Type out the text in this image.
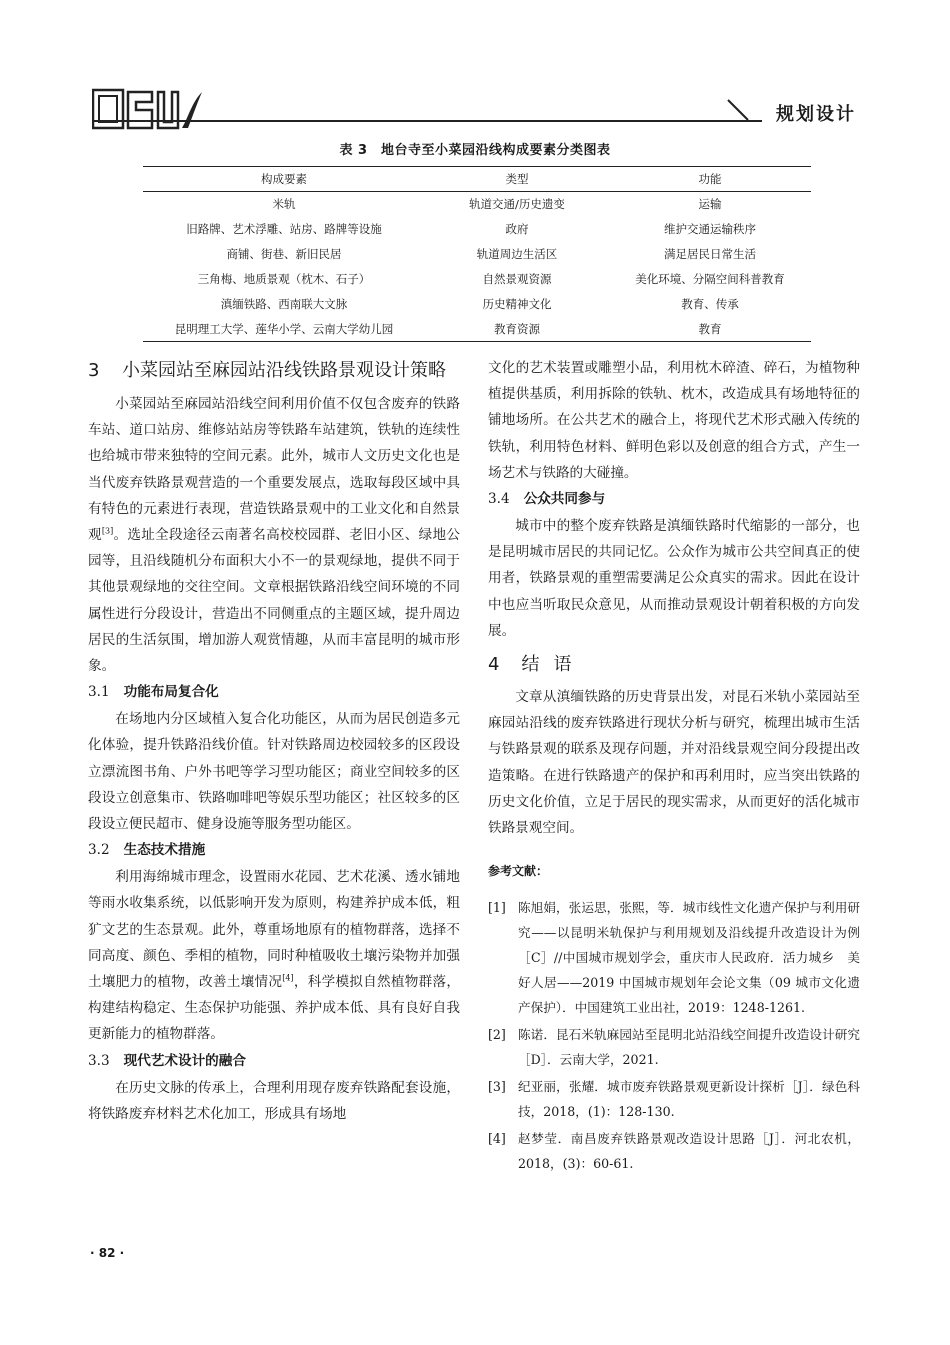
规划设计
表 3　地台寺至小菜园沿线构成要素分类图表
构成要素	类型	功能
米轨	轨道交通/历史遗变	运输
旧路牌、艺术浮雕、站房、路牌等设施	政府	维护交通运输秩序
商铺、街巷、新旧民居	轨道周边生活区	满足居民日常生活
三角梅、地质景观（枕木、石子）	自然景观资源	美化环境、分隔空间科普教育
滇缅铁路、西南联大文脉	历史精神文化	教育、传承
昆明理工大学、莲华小学、云南大学幼儿园	教育资源	教育
3	小菜园站至麻园站沿线铁路景观设计策略

小菜园站至麻园站沿线空间利用价值不仅包含废弃的铁路车站、道口站房、维修站站房等铁路车站建筑，铁轨的连续性也给城市带来独特的空间元素。此外，城市人文历史文化也是当代废弃铁路景观营造的一个重要发展点，选取每段区域中具有特色的元素进行表现，营造铁路景观中的工业文化和自然景观[3]。选址全段途径云南著名高校校园群、老旧小区、绿地公园等，且沿线随机分布面积大小不一的景观绿地，提供不同于其他景观绿地的交往空间。文章根据铁路沿线空间环境的不同属性进行分段设计，营造出不同侧重点的主题区域，提升周边居民的生活氛围，增加游人观赏情趣，从而丰富昆明的城市形象。

3.1 功能布局复合化

在场地内分区域植入复合化功能区，从而为居民创造多元化体验，提升铁路沿线价值。针对铁路周边校园较多的区段设立漂流图书角、户外书吧等学习型功能区；商业空间较多的区段设立创意集市、铁路咖啡吧等娱乐型功能区；社区较多的区段设立便民超市、健身设施等服务型功能区。

3.2 生态技术措施

利用海绵城市理念，设置雨水花园、艺术花溪、透水铺地等雨水收集系统，以低影响开发为原则，构建养护成本低，粗犷文艺的生态景观。此外，尊重场地原有的植物群落，选择不同高度、颜色、季相的植物，同时种植吸收土壤污染物并加强土壤肥力的植物，改善土壤情况[4]，科学模拟自然植物群落，构建结构稳定、生态保护功能强、养护成本低、具有良好自我更新能力的植物群落。

3.3 现代艺术设计的融合

在历史文脉的传承上，合理利用现存废弃铁路配套设施，将铁路废弃材料艺术化加工，形成具有场地

文化的艺术装置或雕塑小品，利用枕木碎渣、碎石，为植物种植提供基质，利用拆除的铁轨、枕木，改造成具有场地特征的铺地场所。在公共艺术的融合上，将现代艺术形式融入传统的铁轨，利用特色材料、鲜明色彩以及创意的组合方式，产生一场艺术与铁路的大碰撞。

3.4 公众共同参与

城市中的整个废弃铁路是滇缅铁路时代缩影的一部分，也是昆明城市居民的共同记忆。公众作为城市公共空间真正的使用者，铁路景观的重塑需要满足公众真实的需求。因此在设计中也应当听取民众意见，从而推动景观设计朝着积极的方向发展。

4 结语

文章从滇缅铁路的历史背景出发，对昆石米轨小菜园站至麻园站沿线的废弃铁路进行现状分析与研究，梳理出城市生活与铁路景观的联系及现存问题，并对沿线景观空间分段提出改造策略。在进行铁路遗产的保护和再利用时，应当突出铁路的历史文化价值，立足于居民的现实需求，从而更好的活化城市铁路景观空间。

参考文献：
[1] 陈旭娟，张运思，张熙，等．城市线性文化遗产保护与利用研究——以昆明米轨保护与利用规划及沿线提升改造设计为例［C］//中国城市规划学会，重庆市人民政府．活力城乡　美好人居——2019 中国城市规划年会论文集（09 城市文化遗产保护）．中国建筑工业出社，2019：1248-1261.
[2] 陈诺．昆石米轨麻园站至昆明北站沿线空间提升改造设计研究［D］．云南大学，2021.
[3] 纪亚丽，张耀．城市废弃铁路景观更新设计探析［J］．绿色科技，2018，(1)：128-130.
[4] 赵梦莹．南昌废弃铁路景观改造设计思路［J］．河北农机，2018，(3)：60-61.
· 82 ·
